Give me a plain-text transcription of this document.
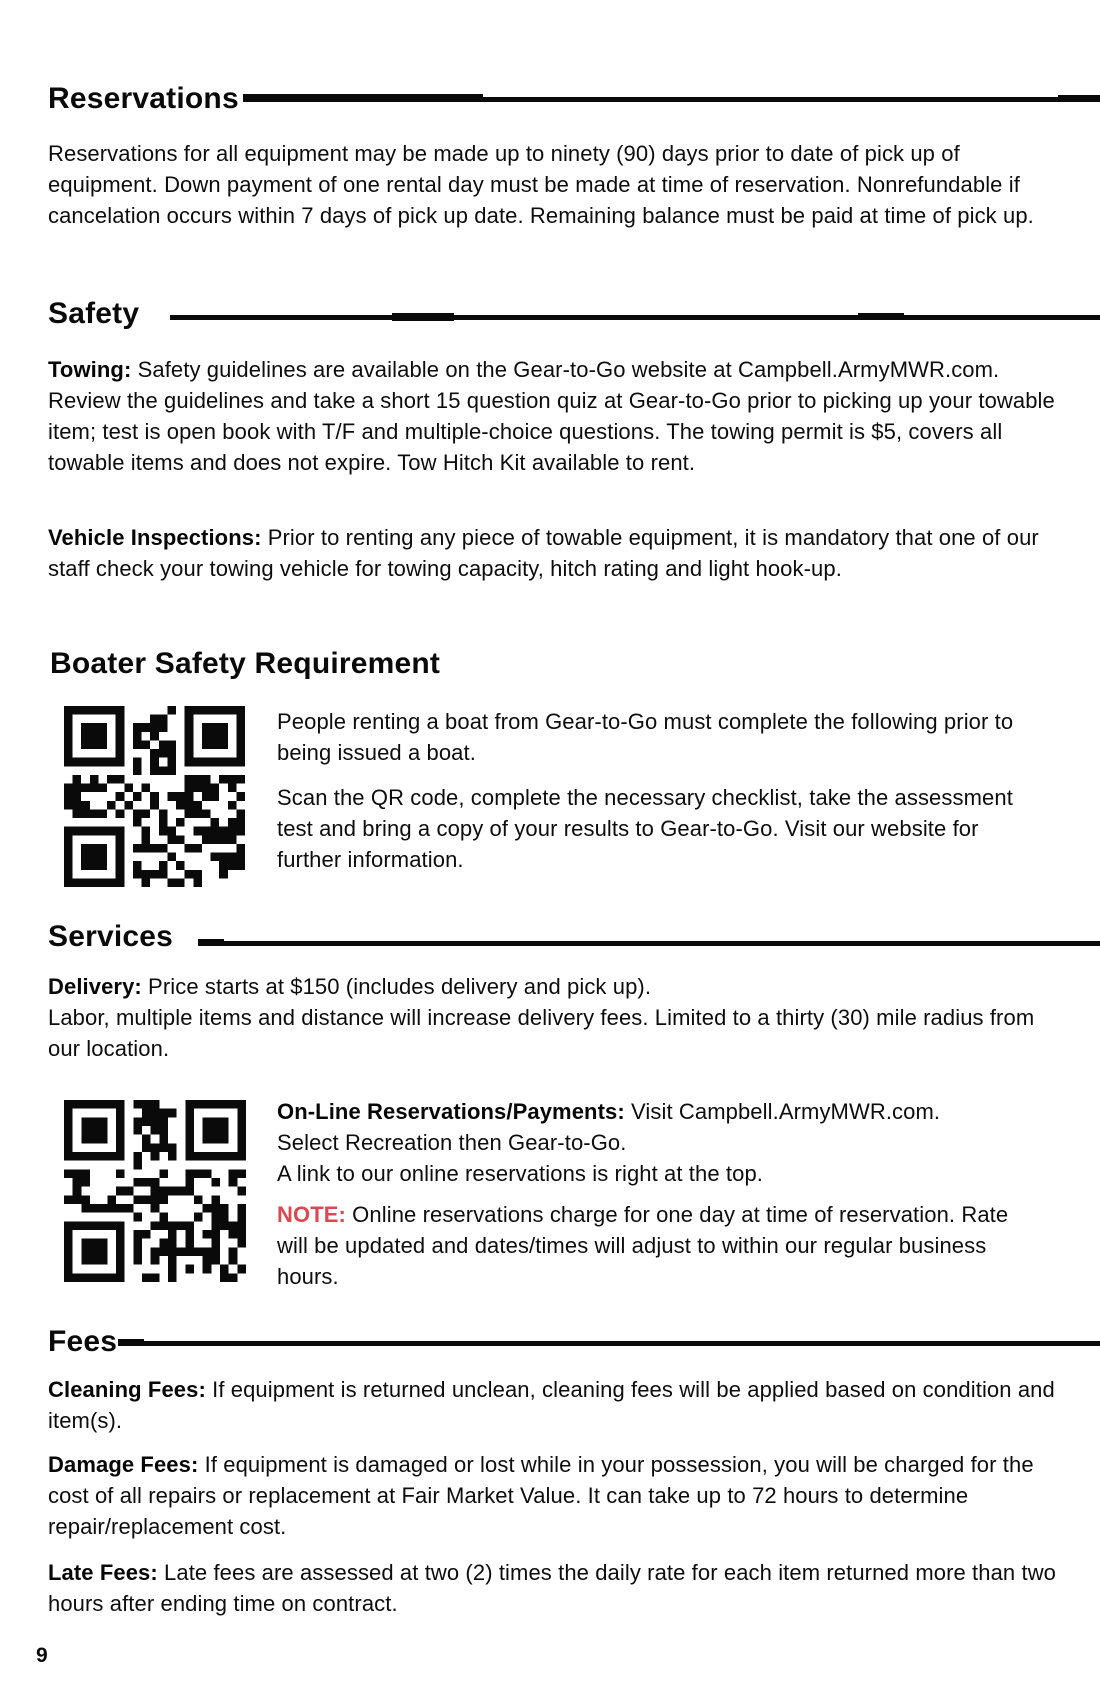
Reservations
Reservations for all equipment may be made up to ninety (90) days prior to date of pick up of equipment. Down payment of one rental day must be made at time of reservation. Nonrefundable if cancelation occurs within 7 days of pick up date. Remaining balance must be paid at time of pick up.
Safety
Towing: Safety guidelines are available on the Gear-to-Go website at Campbell.ArmyMWR.com. Review the guidelines and take a short 15 question quiz at Gear-to-Go prior to picking up your towable item; test is open book with T/F and multiple-choice questions. The towing permit is $5, covers all towable items and does not expire. Tow Hitch Kit available to rent.
Vehicle Inspections: Prior to renting any piece of towable equipment, it is mandatory that one of our staff check your towing vehicle for towing capacity, hitch rating and light hook-up.
Boater Safety Requirement
People renting a boat from Gear-to-Go must complete the following prior to being issued a boat.
Scan the QR code, complete the necessary checklist, take the assessment test and bring a copy of your results to Gear-to-Go. Visit our website for further information.
Services
Delivery: Price starts at $150 (includes delivery and pick up).
Labor, multiple items and distance will increase delivery fees. Limited to a thirty (30) mile radius from our location.
On-Line Reservations/Payments: Visit Campbell.ArmyMWR.com.
Select Recreation then Gear-to-Go.
A link to our online reservations is right at the top.
NOTE: Online reservations charge for one day at time of reservation. Rate will be updated and dates/times will adjust to within our regular business hours.
Fees
Cleaning Fees: If equipment is returned unclean, cleaning fees will be applied based on condition and item(s).
Damage Fees: If equipment is damaged or lost while in your possession, you will be charged for the cost of all repairs or replacement at Fair Market Value. It can take up to 72 hours to determine repair/replacement cost.
Late Fees: Late fees are assessed at two (2) times the daily rate for each item returned more than two hours after ending time on contract.
9
